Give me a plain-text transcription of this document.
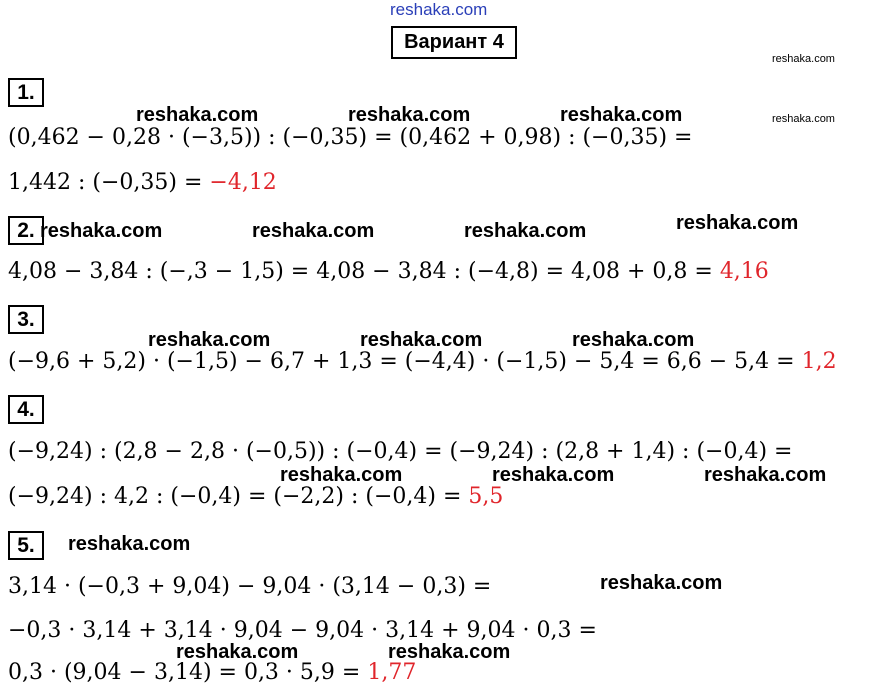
reshaka.com
Вариант 4
1.
(0,462 − 0,28 · (−3,5)) : (−0,35) = (0,462 + 0,98) : (−0,35) =
1,442 : (−0,35) = −4,12
2.
4,08 − 3,84 : (−,3 − 1,5) = 4,08 − 3,84 : (−4,8) = 4,08 + 0,8 = 4,16
3.
(−9,6 + 5,2) · (−1,5) − 6,7 + 1,3 = (−4,4) · (−1,5) − 5,4 = 6,6 − 5,4 = 1,2
4.
(−9,24) : (2,8 − 2,8 · (−0,5)) : (−0,4) = (−9,24) : (2,8 + 1,4) : (−0,4) =
(−9,24) : 4,2 : (−0,4) = (−2,2) : (−0,4) = 5,5
5.
3,14 · (−0,3 + 9,04) − 9,04 · (3,14 − 0,3) =
−0,3 · 3,14 + 3,14 · 9,04 − 9,04 · 3,14 + 9,04 · 0,3 =
0,3 · (9,04 − 3,14) = 0,3 · 5,9 = 1,77
reshaka.com
reshaka.com
reshaka.com	reshaka.com	reshaka.com
reshaka.com	reshaka.com	reshaka.com	reshaka.com
reshaka.com	reshaka.com	reshaka.com
reshaka.com	reshaka.com	reshaka.com
reshaka.com
reshaka.com
reshaka.com	reshaka.com
